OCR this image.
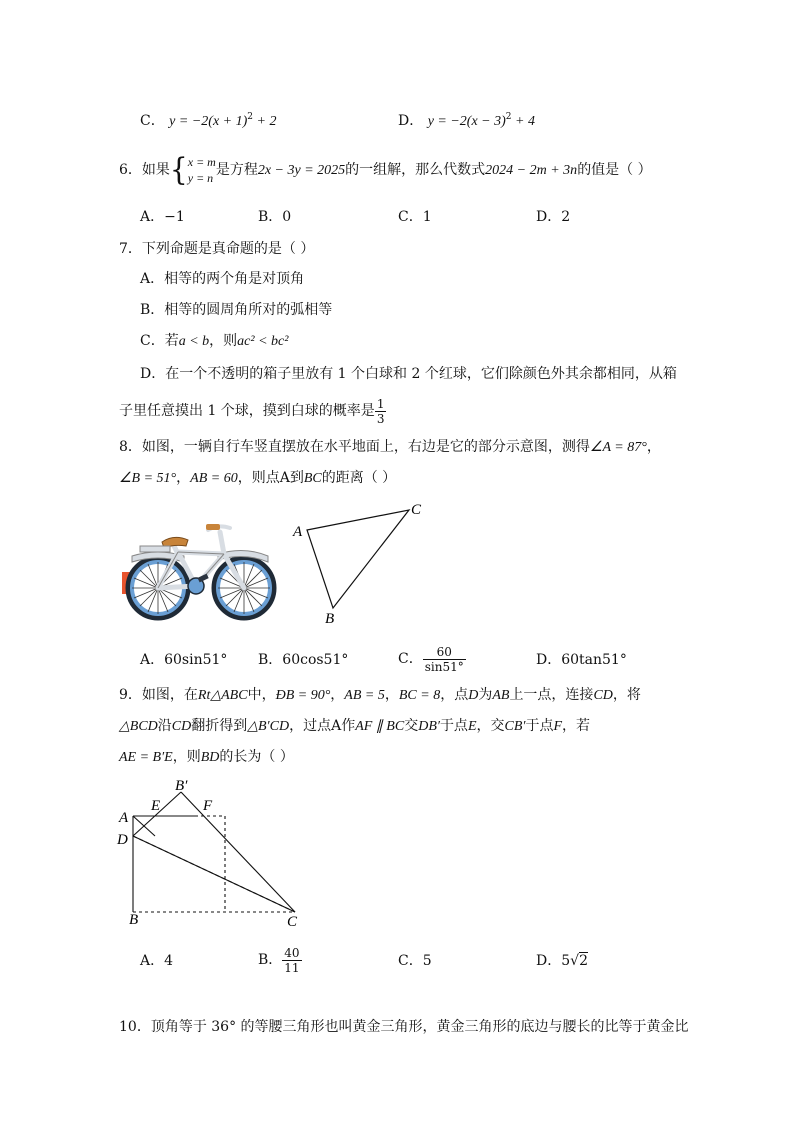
C． $y = -2(x + 1)^2 + 2$	D． $y = -2(x - 3)^2 + 4$
6．如果{x = m
y = n 是方程2x − 3y = 2025的一组解，那么代数式2024 − 2m + 3n的值是（ ）
A．−1	B．0	C．1	D．2
7．下列命题是真命题的是（ ）
A．相等的两个角是对顶角
B．相等的圆周角所对的弧相等
C．若a < b，则ac² < bc²
D．在一个不透明的箱子里放有 1 个白球和 2 个红球，它们除颜色外其余都相同，从箱
子里任意摸出 1 个球，摸到白球的概率是 $\frac{1}{3}$
8．如图，一辆自行车竖直摆放在水平地面上，右边是它的部分示意图，测得∠A = 87°，
∠B = 51°，AB = 60，则点A到BC的距离（ ）
A
C
B
A．60sin51° B．60cos51°	C． $\frac{60}{\sin 51^\circ}$	D．60tan51°
9．如图，在Rt△ABC中，ÐB = 90°，AB = 5，BC = 8，点D为AB上一点，连接CD，将
△BCD沿CD翻折得到△B′CD，过点A作AF ∥ BC交DB′于点E，交CB′于点F，若
AE = B′E，则BD的长为（ ）
A
D
B	C
E
B′
F
A．4	B． $\frac{40}{11}$	C．5	D．5√2
10．顶角等于 36° 的等腰三角形也叫黄金三角形，黄金三角形的底边与腰长的比等于黄金比
